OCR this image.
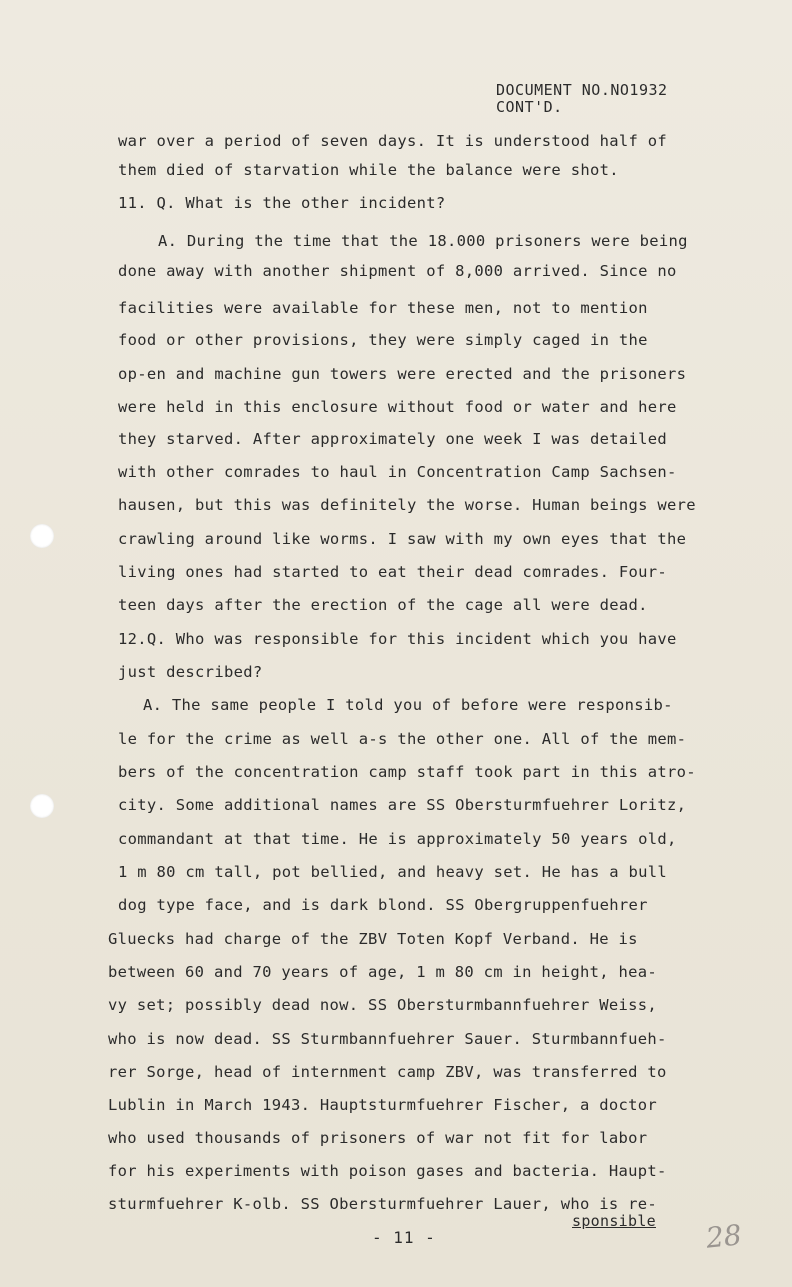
DOCUMENT NO.NO1932
CONT'D.
war over a period of seven days. It is understood half of
them died of starvation while the balance were shot.
11. Q. What is the other incident?
A. During the time that the 18.000 prisoners were being
done away with another shipment of 8,000 arrived. Since no
facilities were available for these men, not to mention
food or other provisions, they were simply caged in the
op-en and machine gun towers were erected and the prisoners
were held in this enclosure without food or water and here
they starved. After approximately one week I was detailed
with other comrades to haul in Concentration Camp Sachsen-
hausen, but this was definitely the worse. Human beings were
crawling around like worms. I saw with my own eyes that the
living ones had started to eat their dead comrades. Four-
teen days after the erection of the cage all were dead.
12.Q. Who was responsible for this incident which you have
just described?
A. The same people I told you of before were responsib-
le for the crime as well a-s the other one. All of the mem-
bers of the concentration camp staff took part in this atro-
city. Some additional names are SS Obersturmfuehrer Loritz,
commandant at that time. He is approximately 50 years old,
1 m 80 cm tall, pot bellied, and heavy set. He has a bull
dog type face, and is dark blond. SS Obergruppenfuehrer
Gluecks had charge of the ZBV Toten Kopf Verband. He is
between 60 and 70 years of age, 1 m 80 cm in height, hea-
vy set; possibly dead now. SS Obersturmbannfuehrer Weiss,
who is now dead. SS Sturmbannfuehrer Sauer. Sturmbannfueh-
rer Sorge, head of internment camp ZBV, was transferred to
Lublin in March 1943. Hauptsturmfuehrer Fischer, a doctor
who used thousands of prisoners of war not fit for labor
for his experiments with poison gases and bacteria. Haupt-
sturmfuehrer K-olb. SS Obersturmfuehrer Lauer, who is re-
sponsible
- 11 -	28
